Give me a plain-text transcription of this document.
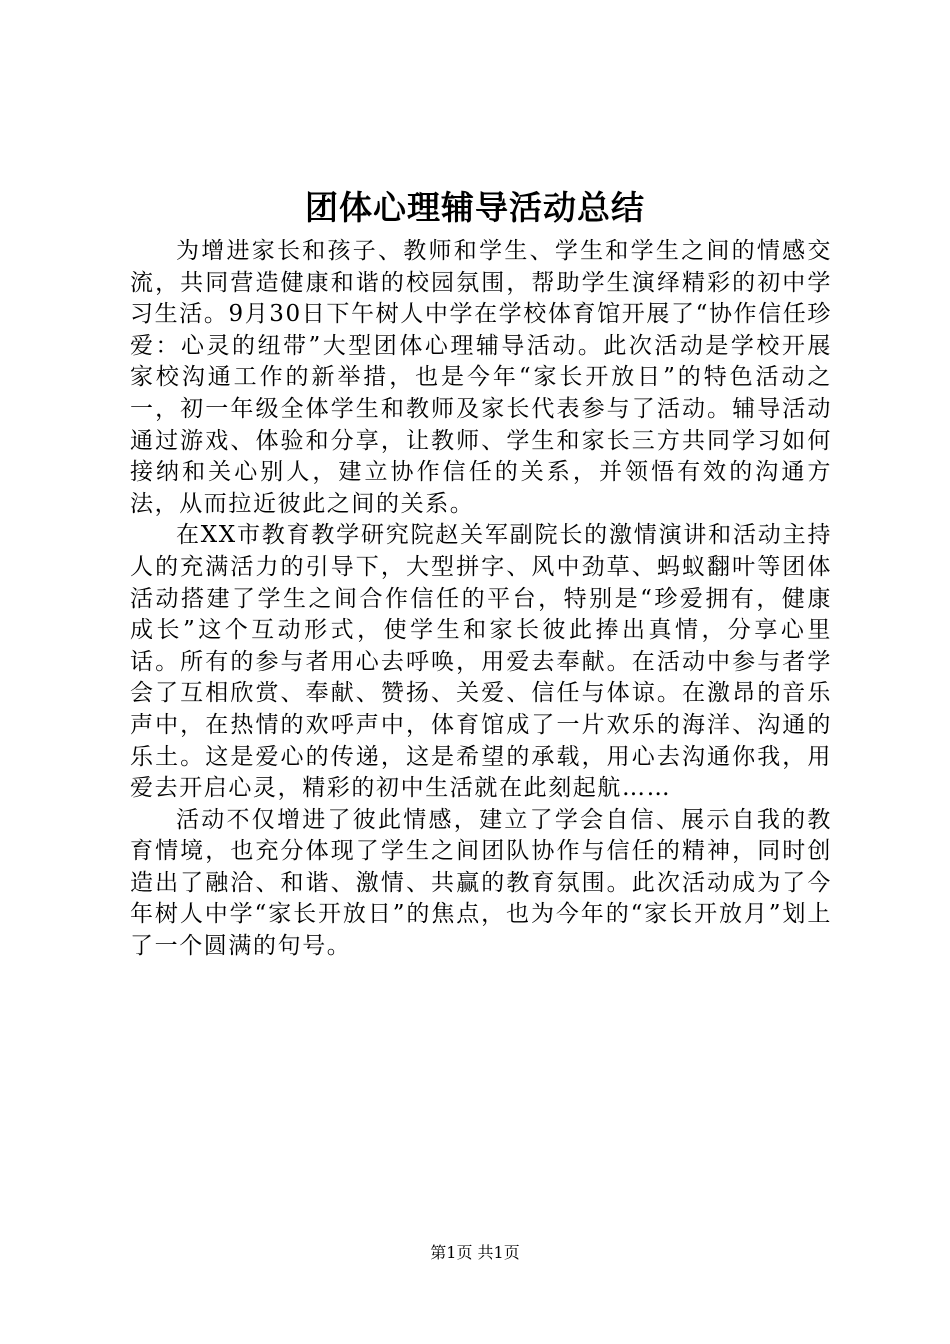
团体心理辅导活动总结

为增进家长和孩子、教师和学生、学生和学生之间的情感交流，共同营造健康和谐的校园氛围，帮助学生演绎精彩的初中学习生活。9月30日下午树人中学在学校体育馆开展了“协作信任珍爱：心灵的纽带”大型团体心理辅导活动。此次活动是学校开展家校沟通工作的新举措，也是今年“家长开放日”的特色活动之一，初一年级全体学生和教师及家长代表参与了活动。辅导活动通过游戏、体验和分享，让教师、学生和家长三方共同学习如何接纳和关心别人，建立协作信任的关系，并领悟有效的沟通方法，从而拉近彼此之间的关系。

在XX市教育教学研究院赵关军副院长的激情演讲和活动主持人的充满活力的引导下，大型拼字、风中劲草、蚂蚁翻叶等团体活动搭建了学生之间合作信任的平台，特别是“珍爱拥有，健康成长”这个互动形式，使学生和家长彼此捧出真情，分享心里话。所有的参与者用心去呼唤，用爱去奉献。在活动中参与者学会了互相欣赏、奉献、赞扬、关爱、信任与体谅。在激昂的音乐声中，在热情的欢呼声中，体育馆成了一片欢乐的海洋、沟通的乐土。这是爱心的传递，这是希望的承载，用心去沟通你我，用爱去开启心灵，精彩的初中生活就在此刻起航……

活动不仅增进了彼此情感，建立了学会自信、展示自我的教育情境，也充分体现了学生之间团队协作与信任的精神，同时创造出了融洽、和谐、激情、共赢的教育氛围。此次活动成为了今年树人中学“家长开放日”的焦点，也为今年的“家长开放月”划上了一个圆满的句号。

第1页 共1页
